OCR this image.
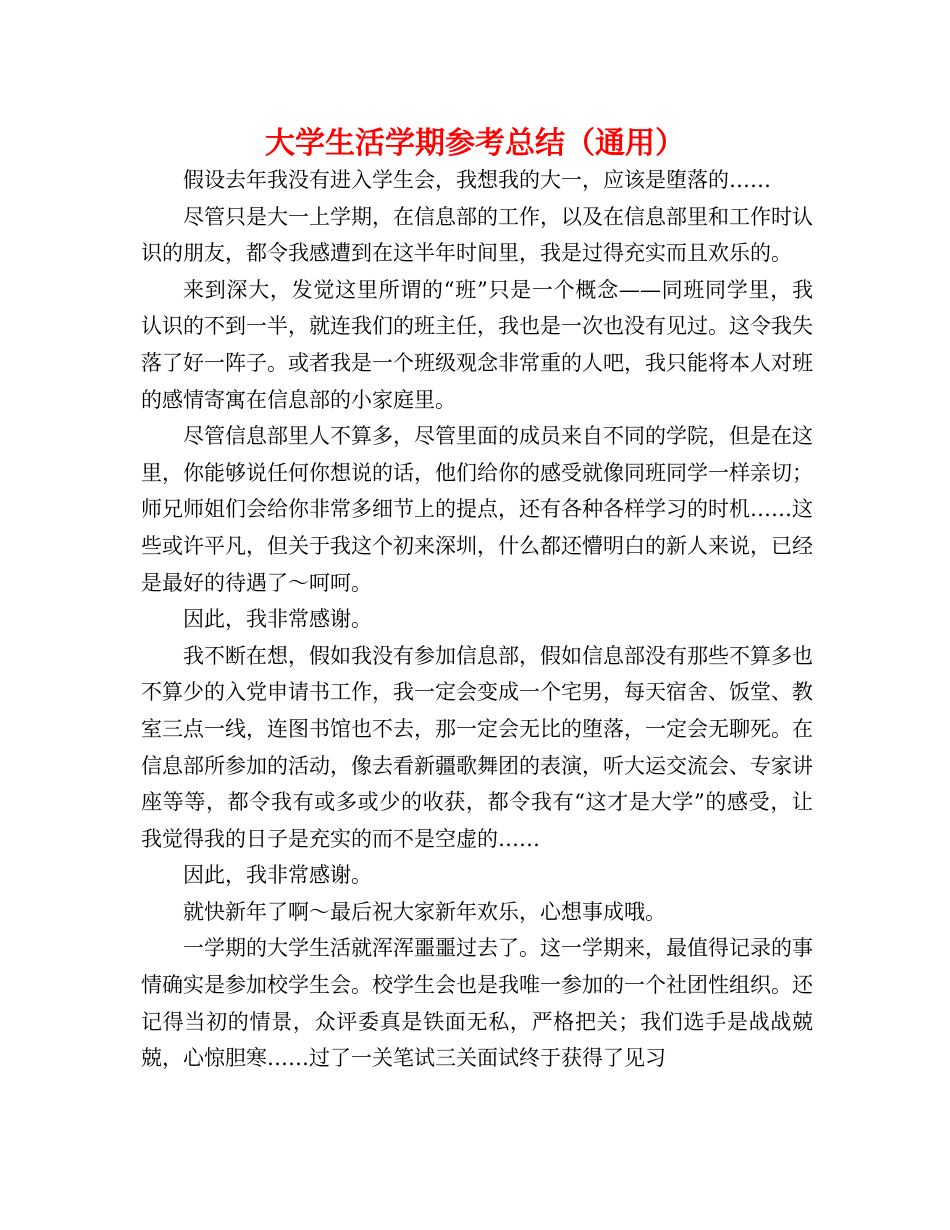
大学生活学期参考总结（通用）

假设去年我没有进入学生会，我想我的大一，应该是堕落的……

尽管只是大一上学期，在信息部的工作，以及在信息部里和工作时认识的朋友，都令我感遭到在这半年时间里，我是过得充实而且欢乐的。

来到深大，发觉这里所谓的“班”只是一个概念——同班同学里，我认识的不到一半，就连我们的班主任，我也是一次也没有见过。这令我失落了好一阵子。或者我是一个班级观念非常重的人吧，我只能将本人对班的感情寄寓在信息部的小家庭里。

尽管信息部里人不算多，尽管里面的成员来自不同的学院，但是在这里，你能够说任何你想说的话，他们给你的感受就像同班同学一样亲切；师兄师姐们会给你非常多细节上的提点，还有各种各样学习的时机……这些或许平凡，但关于我这个初来深圳，什么都还懵明白的新人来说，已经是最好的待遇了～呵呵。

因此，我非常感谢。

我不断在想，假如我没有参加信息部，假如信息部没有那些不算多也不算少的入党申请书工作，我一定会变成一个宅男，每天宿舍、饭堂、教室三点一线，连图书馆也不去，那一定会无比的堕落，一定会无聊死。在信息部所参加的活动，像去看新疆歌舞团的表演，听大运交流会、专家讲座等等，都令我有或多或少的收获，都令我有“这才是大学”的感受，让我觉得我的日子是充实的而不是空虚的……

因此，我非常感谢。

就快新年了啊～最后祝大家新年欢乐，心想事成哦。

一学期的大学生活就浑浑噩噩过去了。这一学期来，最值得记录的事情确实是参加校学生会。校学生会也是我唯一参加的一个社团性组织。还记得当初的情景，众评委真是铁面无私，严格把关；我们选手是战战兢兢，心惊胆寒……过了一关笔试三关面试终于获得了见习
